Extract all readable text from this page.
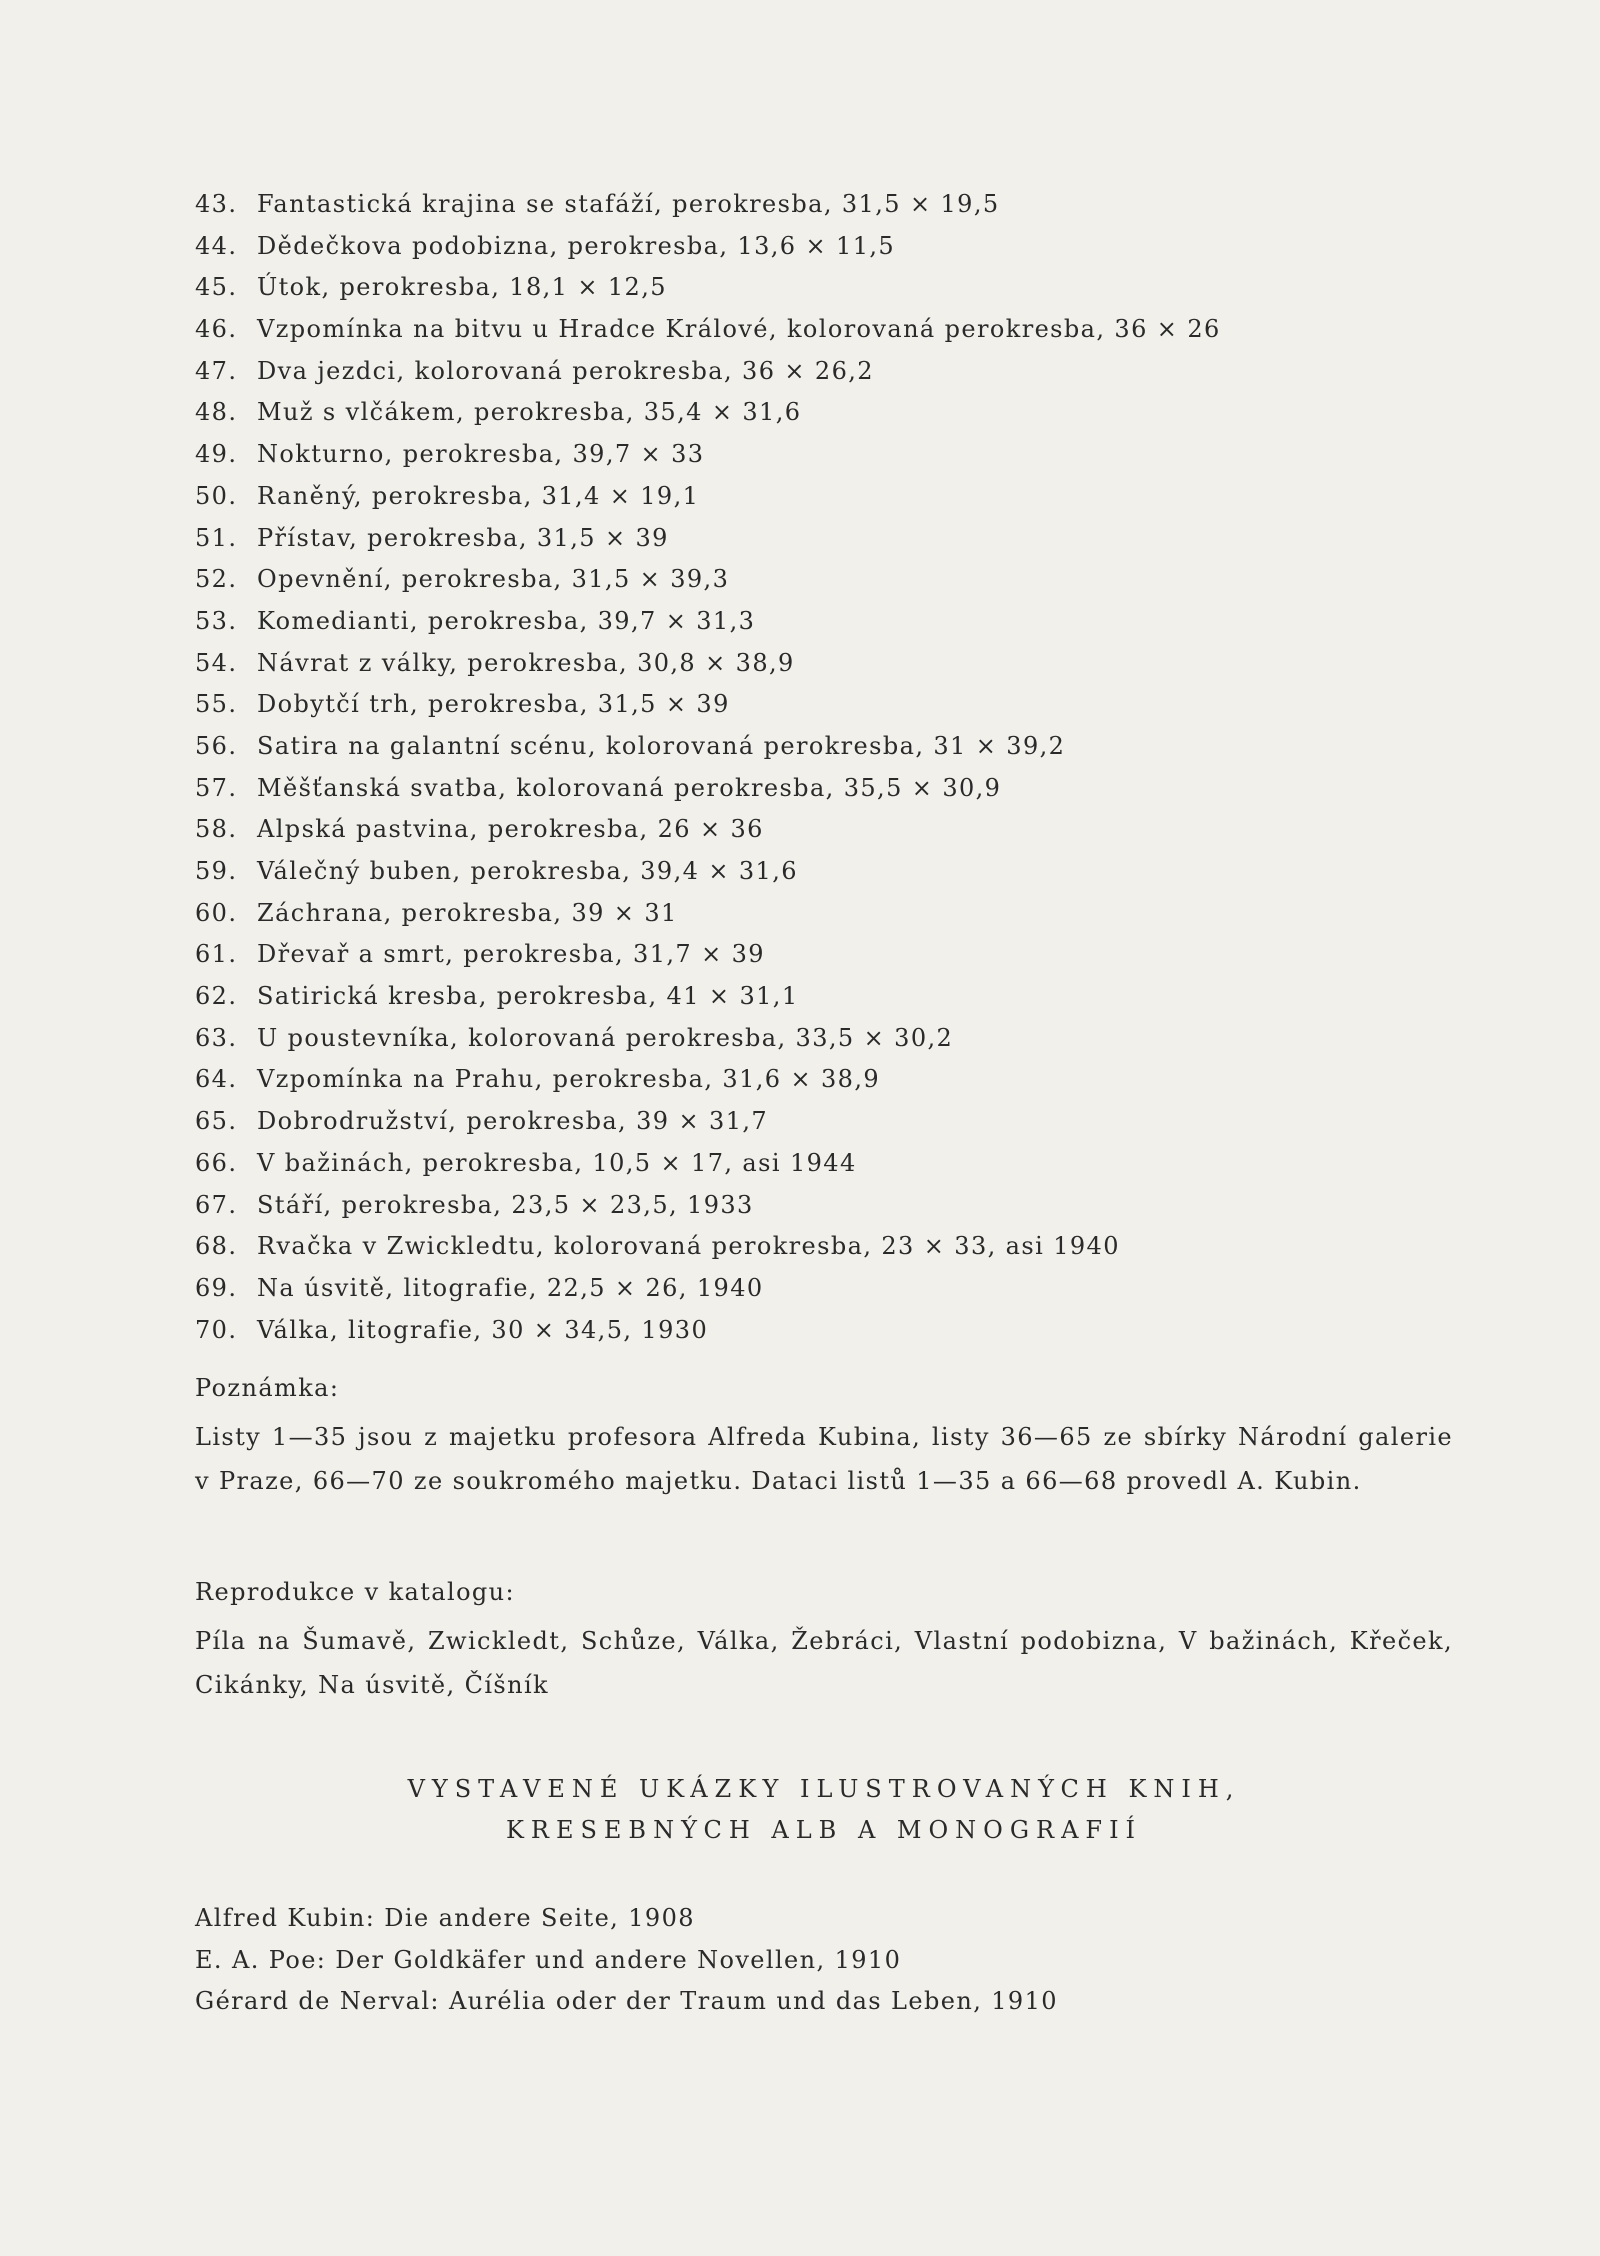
43. Fantastická krajina se stafáží, perokresba, 31,5 × 19,5
44. Dědečkova podobizna, perokresba, 13,6 × 11,5
45. Útok, perokresba, 18,1 × 12,5
46. Vzpomínka na bitvu u Hradce Králové, kolorovaná perokresba, 36 × 26
47. Dva jezdci, kolorovaná perokresba, 36 × 26,2
48. Muž s vlčákem, perokresba, 35,4 × 31,6
49. Nokturno, perokresba, 39,7 × 33
50. Raněný, perokresba, 31,4 × 19,1
51. Přístav, perokresba, 31,5 × 39
52. Opevnění, perokresba, 31,5 × 39,3
53. Komedianti, perokresba, 39,7 × 31,3
54. Návrat z války, perokresba, 30,8 × 38,9
55. Dobytčí trh, perokresba, 31,5 × 39
56. Satira na galantní scénu, kolorovaná perokresba, 31 × 39,2
57. Měšťanská svatba, kolorovaná perokresba, 35,5 × 30,9
58. Alpská pastvina, perokresba, 26 × 36
59. Válečný buben, perokresba, 39,4 × 31,6
60. Záchrana, perokresba, 39 × 31
61. Dřevař a smrt, perokresba, 31,7 × 39
62. Satirická kresba, perokresba, 41 × 31,1
63. U poustevníka, kolorovaná perokresba, 33,5 × 30,2
64. Vzpomínka na Prahu, perokresba, 31,6 × 38,9
65. Dobrodružství, perokresba, 39 × 31,7
66. V bažinách, perokresba, 10,5 × 17, asi 1944
67. Stáří, perokresba, 23,5 × 23,5, 1933
68. Rvačka v Zwickledtu, kolorovaná perokresba, 23 × 33, asi 1940
69. Na úsvitě, litografie, 22,5 × 26, 1940
70. Válka, litografie, 30 × 34,5, 1930

Poznámka:

Listy 1—35 jsou z majetku profesora Alfreda Kubina, listy 36—65 ze sbírky Národní galerie v Praze, 66—70 ze soukromého majetku. Dataci listů 1—35 a 66—68 provedl A. Kubin.

Reprodukce v katalogu:

Píla na Šumavě, Zwickledt, Schůze, Válka, Žebráci, Vlastní podobizna, V bažinách, Křeček, Cikánky, Na úsvitě, Číšník

VYSTAVENÉ UKÁZKY ILUSTROVANÝCH KNIH,

KRESEBNÝCH ALB A MONOGRAFIÍ

Alfred Kubin: Die andere Seite, 1908
E. A. Poe: Der Goldkäfer und andere Novellen, 1910
Gérard de Nerval: Aurélia oder der Traum und das Leben, 1910
